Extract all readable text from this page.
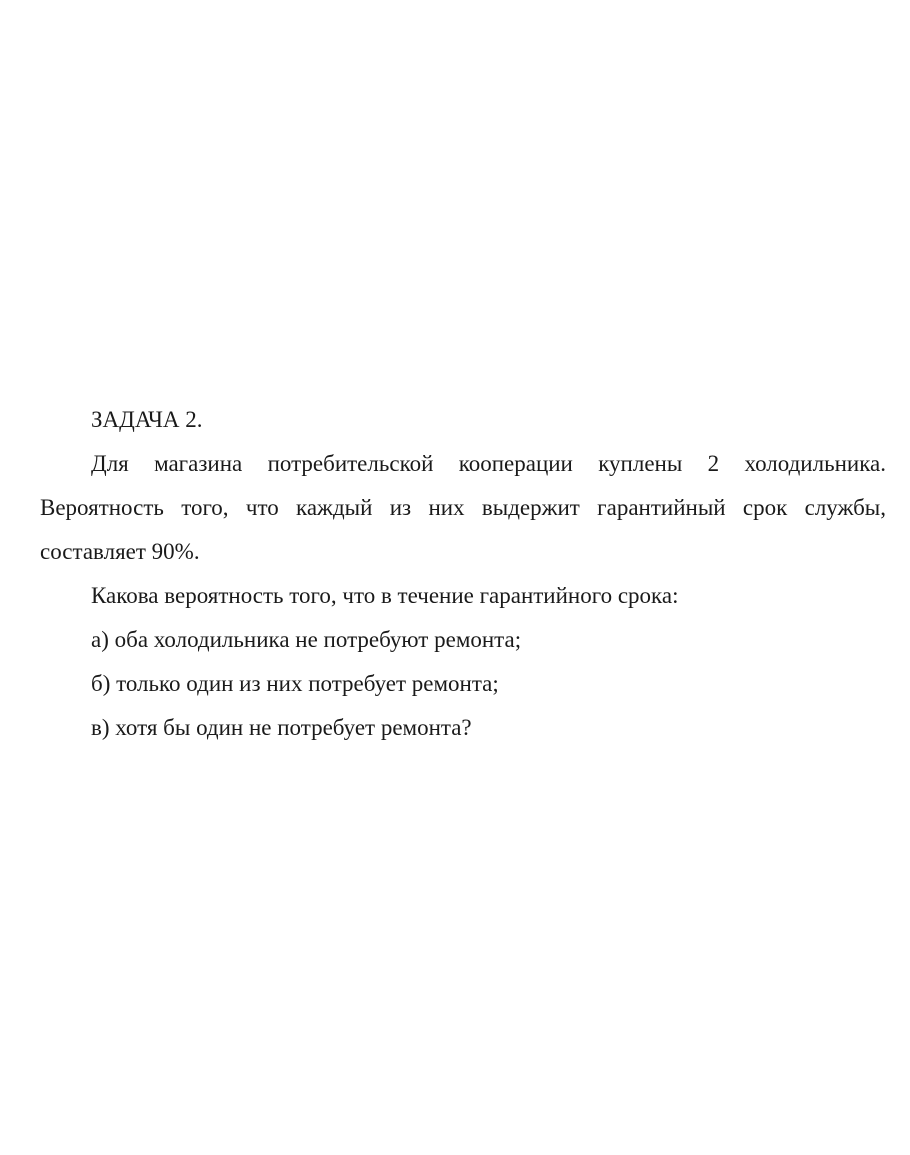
ЗАДАЧА 2.
Для магазина потребительской кооперации куплены 2 холодильника.
Вероятность того, что каждый из них выдержит гарантийный срок службы,
составляет 90%.
Какова вероятность того, что в течение гарантийного срока:
а) оба холодильника не потребуют ремонта;
б) только один из них потребует ремонта;
в) хотя бы один не потребует ремонта?
